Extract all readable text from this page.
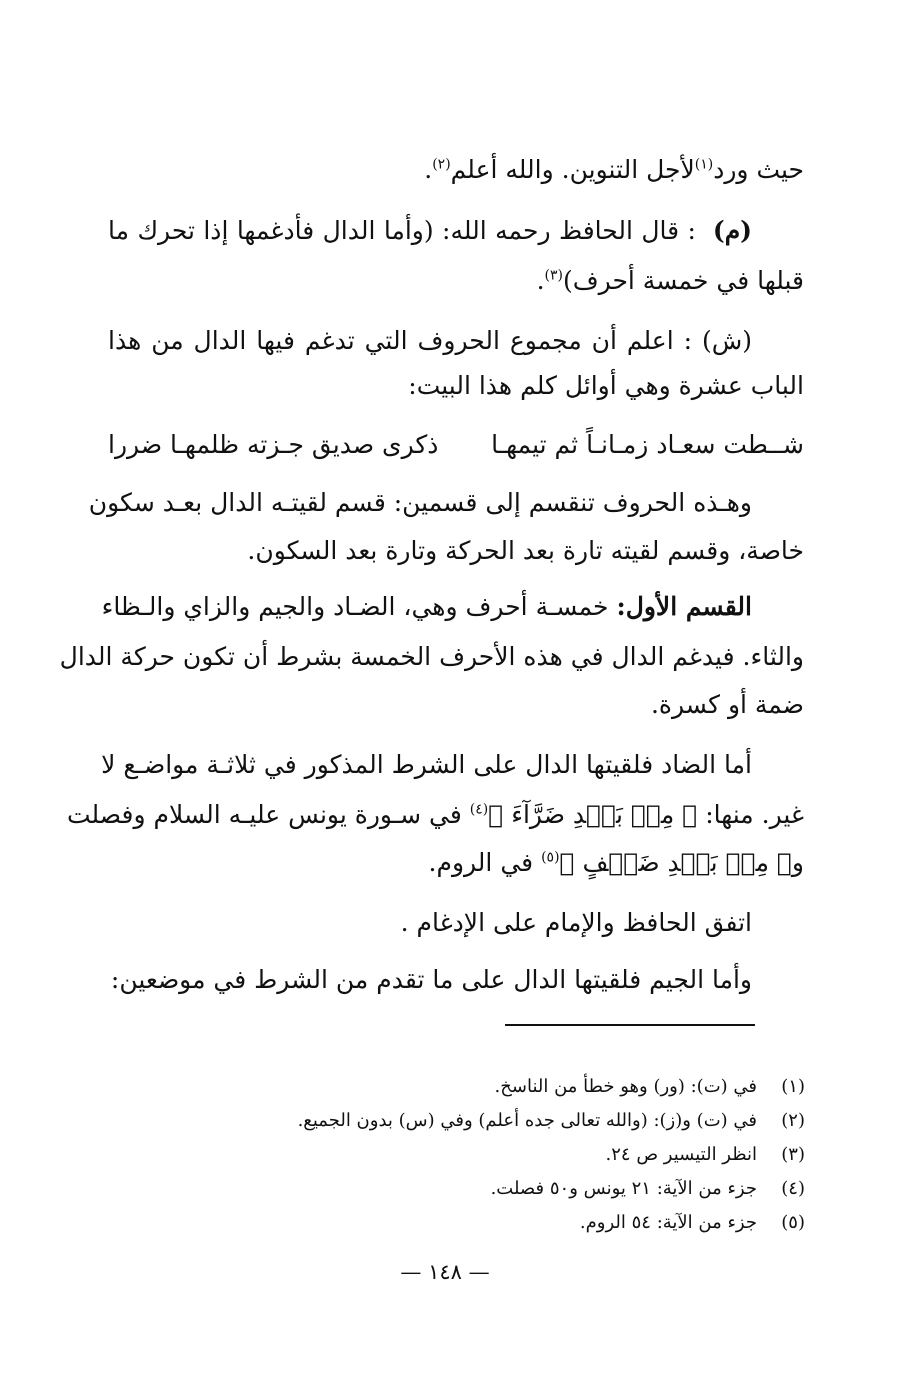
حيث ورد$^{(١)}$لأجل التنوين. والله أعلم$^{(٢)}$.
(م)  : قال الحافظ رحمه الله: (وأما الدال فأدغمها إذا تحرك ما
قبلها في خمسة أحرف)$^{(٣)}$.
(ش) : اعلم أن مجموع الحروف التي تدغم فيها الدال من هذا
الباب عشرة وهي أوائل كلم هذا البيت:
شــطت سعـاد زمـانـاً ثم تيمهـا
ذكرى صديق جـزته ظلمهـا ضررا
وهـذه الحروف تنقسم إلى قسمين: قسم لقيتـه الدال بعـد سكون
خاصة، وقسم لقيته تارة بعد الحركة وتارة بعد السكون.
القسم الأول: خمسـة أحرف وهي، الضـاد والجيم والزاي والـظاء
والثاء. فيدغم الدال في هذه الأحرف الخمسة بشرط أن تكون حركة الدال
ضمة أو كسرة.
أما الضاد فلقيتها الدال على الشرط المذكور في ثلاثـة مواضـع لا
غير. منها: ﴿ مِنۢ بَعۡدِ ضَرَّآءَ ﴾$^{(٤)}$ في سـورة يونس عليـه السلام وفصلت
و﴿ مِنۢ بَعۡدِ ضَعۡفٍ ﴾$^{(٥)}$ في الروم.
اتفق الحافظ والإمام على الإدغام .
وأما الجيم فلقيتها الدال على ما تقدم من الشرط في موضعين:
(١)في (ت): (ور) وهو خطأ من الناسخ.
(٢)في (ت) و(ز): (والله تعالى جده أعلم) وفي (س) بدون الجميع.
(٣)انظر التيسير ص ٢٤.
(٤)جزء من الآية: ٢١ يونس و٥٠ فصلت.
(٥)جزء من الآية: ٥٤ الروم.
— ١٤٨ —
